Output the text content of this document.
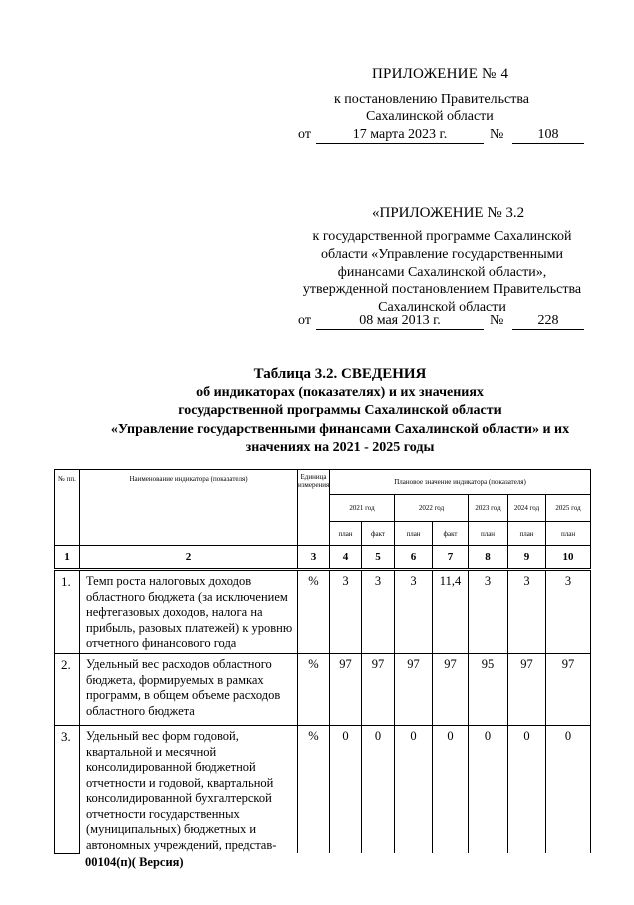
ПРИЛОЖЕНИЕ № 4
к постановлению Правительства
Сахалинской области
от	17 марта 2023 г.	№	108
«ПРИЛОЖЕНИЕ № 3.2
к государственной программе Сахалинской области «Управление государственными финансами Сахалинской области», утвержденной постановлением Правительства Сахалинской области
от	08 мая 2013 г.	№	228
Таблица 3.2. СВЕДЕНИЯ
об индикаторах (показателях) и их значениях
государственной программы Сахалинской области
«Управление государственными финансами Сахалинской области» и их
значениях на 2021 - 2025 годы
№ пп.	Наименование индикатора (показателя)	Единица измерения	Плановое значение индикатора (показателя)						
			2021 год		2022 год		2023 год	2024 год	2025 год
			план	факт	план	факт	план	план	план
1	2	3	4	5	6	7	8	9	10
1.	Темп роста налоговых доходов областного бюджета (за исключением нефтегазовых доходов, налога на прибыль, разовых платежей) к уровню отчетного финансового года	%	3	3	3	11,4	3	3	3
2.	Удельный вес расходов областного бюджета, формируемых в рамках программ, в общем объеме расходов областного бюджета	%	97	97	97	97	95	97	97
3.	Удельный вес форм годовой, квартальной и месячной консолидированной бюджетной отчетности и годовой, квартальной консолидированной бухгалтерской отчетности государственных (муниципальных) бюджетных и автономных учреждений, представ-	%	0	0	0	0	0	0	0
00104(п)( Версия)
